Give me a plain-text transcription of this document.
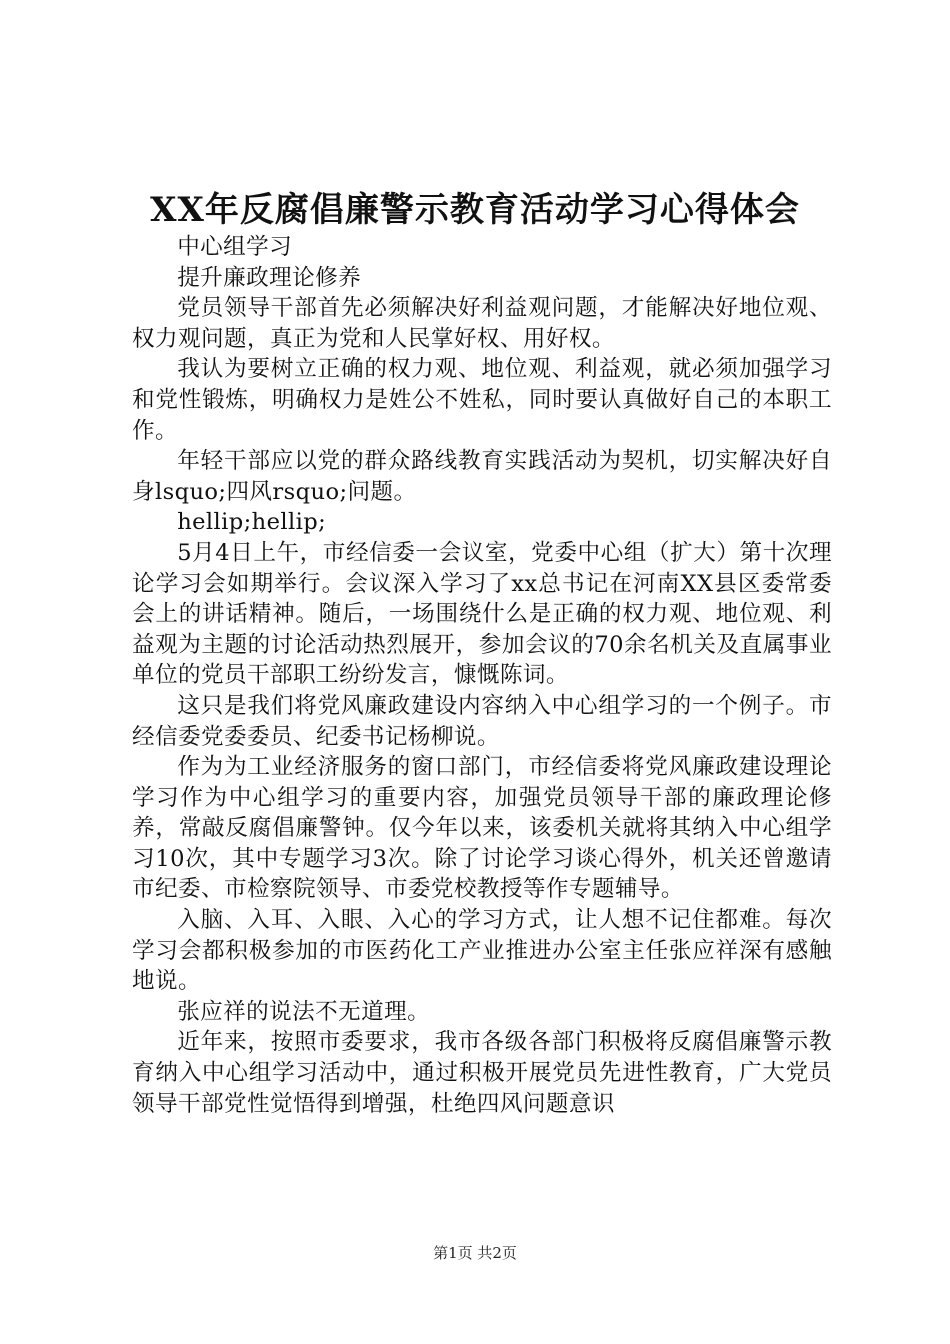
XX年反腐倡廉警示教育活动学习心得体会

中心组学习

提升廉政理论修养

党员领导干部首先必须解决好利益观问题，才能解决好地位观、权力观问题，真正为党和人民掌好权、用好权。

我认为要树立正确的权力观、地位观、利益观，就必须加强学习和党性锻炼，明确权力是姓公不姓私，同时要认真做好自己的本职工作。

年轻干部应以党的群众路线教育实践活动为契机，切实解决好自身lsquo;四风rsquo;问题。

hellip;hellip;

5月4日上午，市经信委一会议室，党委中心组（扩大）第十次理论学习会如期举行。会议深入学习了xx总书记在河南XX县区委常委会上的讲话精神。随后，一场围绕什么是正确的权力观、地位观、利益观为主题的讨论活动热烈展开，参加会议的70余名机关及直属事业单位的党员干部职工纷纷发言，慷慨陈词。

这只是我们将党风廉政建设内容纳入中心组学习的一个例子。市经信委党委委员、纪委书记杨柳说。

作为为工业经济服务的窗口部门，市经信委将党风廉政建设理论学习作为中心组学习的重要内容，加强党员领导干部的廉政理论修养，常敲反腐倡廉警钟。仅今年以来，该委机关就将其纳入中心组学习10次，其中专题学习3次。除了讨论学习谈心得外，机关还曾邀请市纪委、市检察院领导、市委党校教授等作专题辅导。

入脑、入耳、入眼、入心的学习方式，让人想不记住都难。每次学习会都积极参加的市医药化工产业推进办公室主任张应祥深有感触地说。

张应祥的说法不无道理。

近年来，按照市委要求，我市各级各部门积极将反腐倡廉警示教育纳入中心组学习活动中，通过积极开展党员先进性教育，广大党员领导干部党性觉悟得到增强，杜绝四风问题意识

第1页 共2页
